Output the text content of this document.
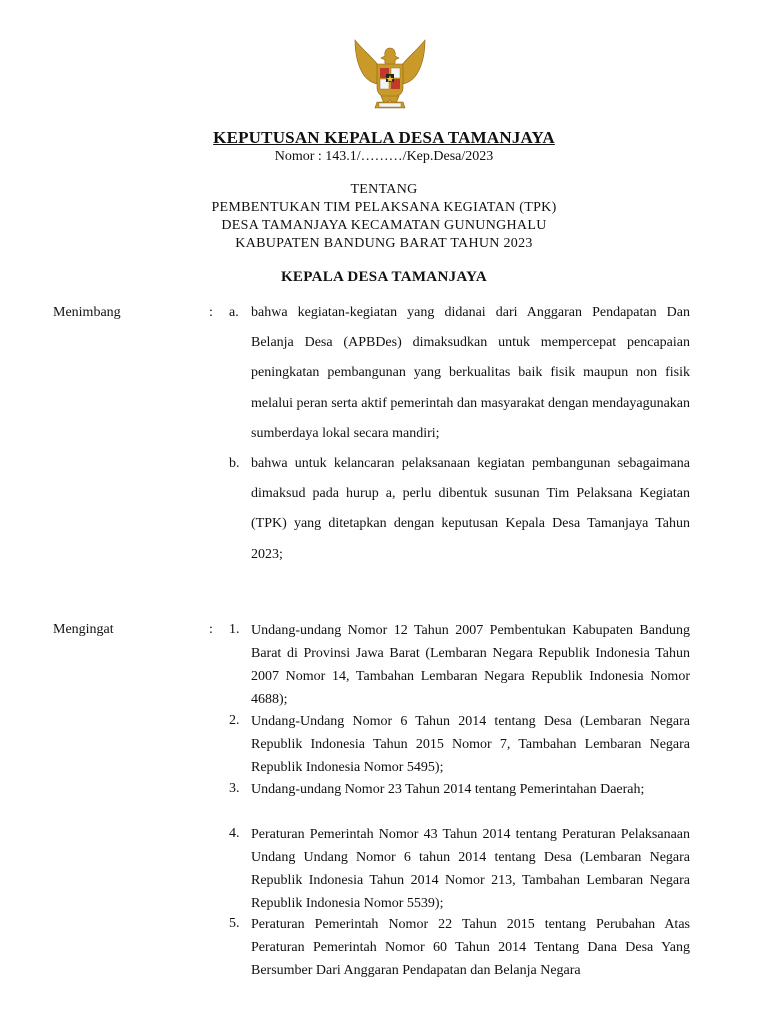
KEPUTUSAN KEPALA DESA TAMANJAYA
Nomor : 143.1/………/Kep.Desa/2023
TENTANG
PEMBENTUKAN TIM PELAKSANA KEGIATAN (TPK)
DESA TAMANJAYA KECAMATAN GUNUNGHALU
KABUPATEN BANDUNG BARAT TAHUN 2023
KEPALA DESA TAMANJAYA
Menimbang	: a. bahwa kegiatan-kegiatan yang didanai dari Anggaran Pendapatan Dan Belanja Desa (APBDes) dimaksudkan untuk mempercepat pencapaian peningkatan pembangunan yang berkualitas baik fisik maupun non fisik melalui peran serta aktif pemerintah dan masyarakat dengan mendayagunakan sumberdaya lokal secara mandiri;
b. bahwa untuk kelancaran pelaksanaan kegiatan pembangunan sebagaimana dimaksud pada hurup a, perlu dibentuk susunan Tim Pelaksana Kegiatan (TPK) yang ditetapkan dengan keputusan Kepala Desa Tamanjaya Tahun 2023;
Mengingat	: 1. Undang-undang Nomor 12 Tahun 2007 Pembentukan Kabupaten Bandung Barat di Provinsi Jawa Barat (Lembaran Negara Republik Indonesia Tahun 2007 Nomor 14, Tambahan Lembaran Negara Republik Indonesia Nomor 4688);
2. Undang-Undang Nomor 6 Tahun 2014 tentang Desa (Lembaran Negara Republik Indonesia Tahun 2015 Nomor 7, Tambahan Lembaran Negara Republik Indonesia Nomor 5495);
3. Undang-undang Nomor 23 Tahun 2014 tentang Pemerintahan Daerah;
4. Peraturan Pemerintah Nomor 43 Tahun 2014 tentang Peraturan Pelaksanaan Undang Undang Nomor 6 tahun 2014 tentang Desa (Lembaran Negara Republik Indonesia Tahun 2014 Nomor 213, Tambahan Lembaran Negara Republik Indonesia Nomor 5539);
5. Peraturan Pemerintah Nomor 22 Tahun 2015 tentang Perubahan Atas Peraturan Pemerintah Nomor 60 Tahun 2014 Tentang Dana Desa Yang Bersumber Dari Anggaran Pendapatan dan Belanja Negara
